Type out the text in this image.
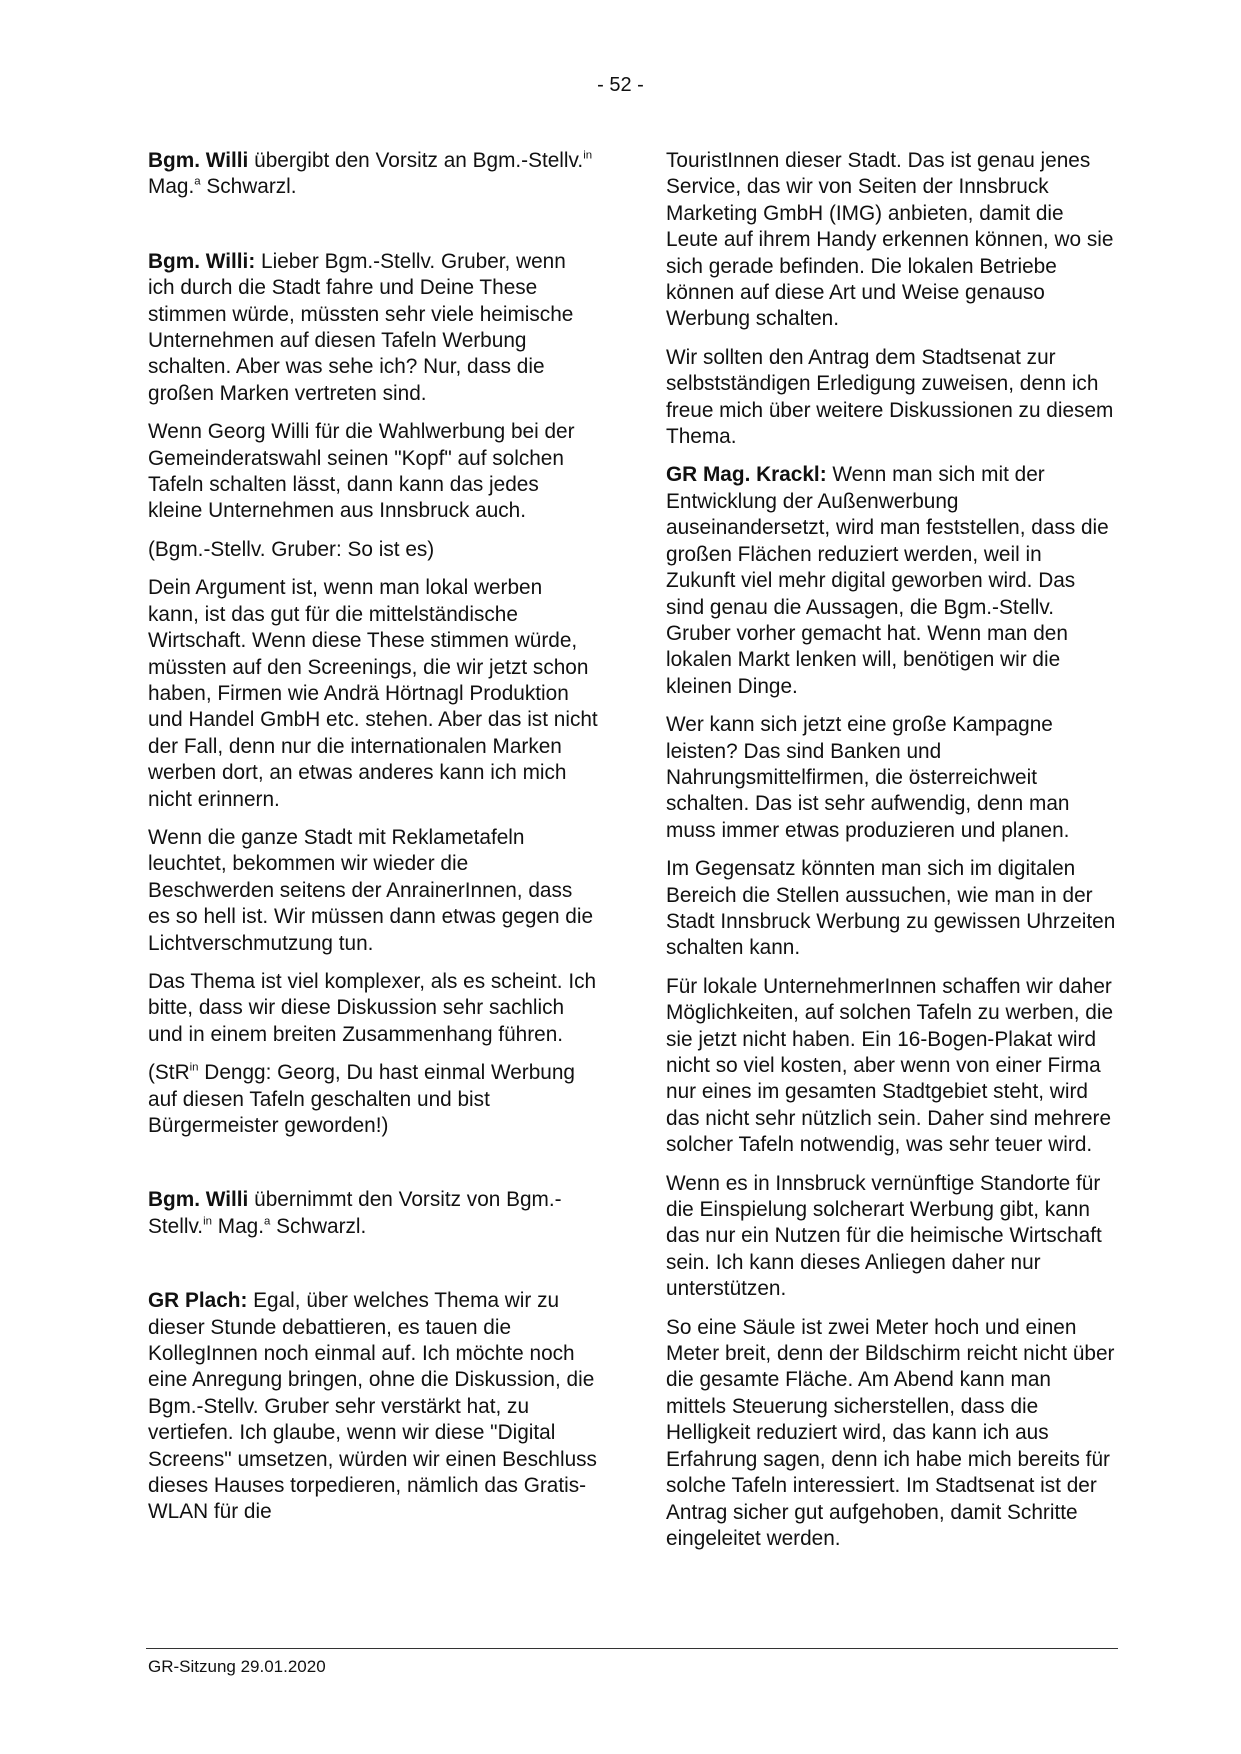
- 52 -

Bgm. Willi übergibt den Vorsitz an Bgm.-Stellv.$^{in}$ Mag.$^a$ Schwarzl.

Bgm. Willi: Lieber Bgm.-Stellv. Gruber, wenn ich durch die Stadt fahre und Deine These stimmen würde, müssten sehr viele heimische Unternehmen auf diesen Tafeln Werbung schalten. Aber was sehe ich? Nur, dass die großen Marken vertreten sind.

Wenn Georg Willi für die Wahlwerbung bei der Gemeinderatswahl seinen "Kopf" auf solchen Tafeln schalten lässt, dann kann das jedes kleine Unternehmen aus Innsbruck auch.

(Bgm.-Stellv. Gruber: So ist es)

Dein Argument ist, wenn man lokal werben kann, ist das gut für die mittelständische Wirtschaft. Wenn diese These stimmen würde, müssten auf den Screenings, die wir jetzt schon haben, Firmen wie Andrä Hörtnagl Produktion und Handel GmbH etc. stehen. Aber das ist nicht der Fall, denn nur die internationalen Marken werben dort, an etwas anderes kann ich mich nicht erinnern.

Wenn die ganze Stadt mit Reklametafeln leuchtet, bekommen wir wieder die Beschwerden seitens der AnrainerInnen, dass es so hell ist. Wir müssen dann etwas gegen die Lichtverschmutzung tun.

Das Thema ist viel komplexer, als es scheint. Ich bitte, dass wir diese Diskussion sehr sachlich und in einem breiten Zusammenhang führen.

(StR$^{in}$ Dengg: Georg, Du hast einmal Werbung auf diesen Tafeln geschalten und bist Bürgermeister geworden!)

Bgm. Willi übernimmt den Vorsitz von Bgm.-Stellv.$^{in}$ Mag.$^a$ Schwarzl.

GR Plach: Egal, über welches Thema wir zu dieser Stunde debattieren, es tauen die KollegInnen noch einmal auf. Ich möchte noch eine Anregung bringen, ohne die Diskussion, die Bgm.-Stellv. Gruber sehr verstärkt hat, zu vertiefen. Ich glaube, wenn wir diese "Digital Screens" umsetzen, würden wir einen Beschluss dieses Hauses torpedieren, nämlich das Gratis-WLAN für die

TouristInnen dieser Stadt. Das ist genau jenes Service, das wir von Seiten der Innsbruck Marketing GmbH (IMG) anbieten, damit die Leute auf ihrem Handy erkennen können, wo sie sich gerade befinden. Die lokalen Betriebe können auf diese Art und Weise genauso Werbung schalten.

Wir sollten den Antrag dem Stadtsenat zur selbstständigen Erledigung zuweisen, denn ich freue mich über weitere Diskussionen zu diesem Thema.

GR Mag. Krackl: Wenn man sich mit der Entwicklung der Außenwerbung auseinandersetzt, wird man feststellen, dass die großen Flächen reduziert werden, weil in Zukunft viel mehr digital geworben wird. Das sind genau die Aussagen, die Bgm.-Stellv. Gruber vorher gemacht hat. Wenn man den lokalen Markt lenken will, benötigen wir die kleinen Dinge.

Wer kann sich jetzt eine große Kampagne leisten? Das sind Banken und Nahrungsmittelfirmen, die österreichweit schalten. Das ist sehr aufwendig, denn man muss immer etwas produzieren und planen.

Im Gegensatz könnten man sich im digitalen Bereich die Stellen aussuchen, wie man in der Stadt Innsbruck Werbung zu gewissen Uhrzeiten schalten kann.

Für lokale UnternehmerInnen schaffen wir daher Möglichkeiten, auf solchen Tafeln zu werben, die sie jetzt nicht haben. Ein 16-Bogen-Plakat wird nicht so viel kosten, aber wenn von einer Firma nur eines im gesamten Stadtgebiet steht, wird das nicht sehr nützlich sein. Daher sind mehrere solcher Tafeln notwendig, was sehr teuer wird.

Wenn es in Innsbruck vernünftige Standorte für die Einspielung solcherart Werbung gibt, kann das nur ein Nutzen für die heimische Wirtschaft sein. Ich kann dieses Anliegen daher nur unterstützen.

So eine Säule ist zwei Meter hoch und einen Meter breit, denn der Bildschirm reicht nicht über die gesamte Fläche. Am Abend kann man mittels Steuerung sicherstellen, dass die Helligkeit reduziert wird, das kann ich aus Erfahrung sagen, denn ich habe mich bereits für solche Tafeln interessiert. Im Stadtsenat ist der Antrag sicher gut aufgehoben, damit Schritte eingeleitet werden.

GR-Sitzung 29.01.2020
